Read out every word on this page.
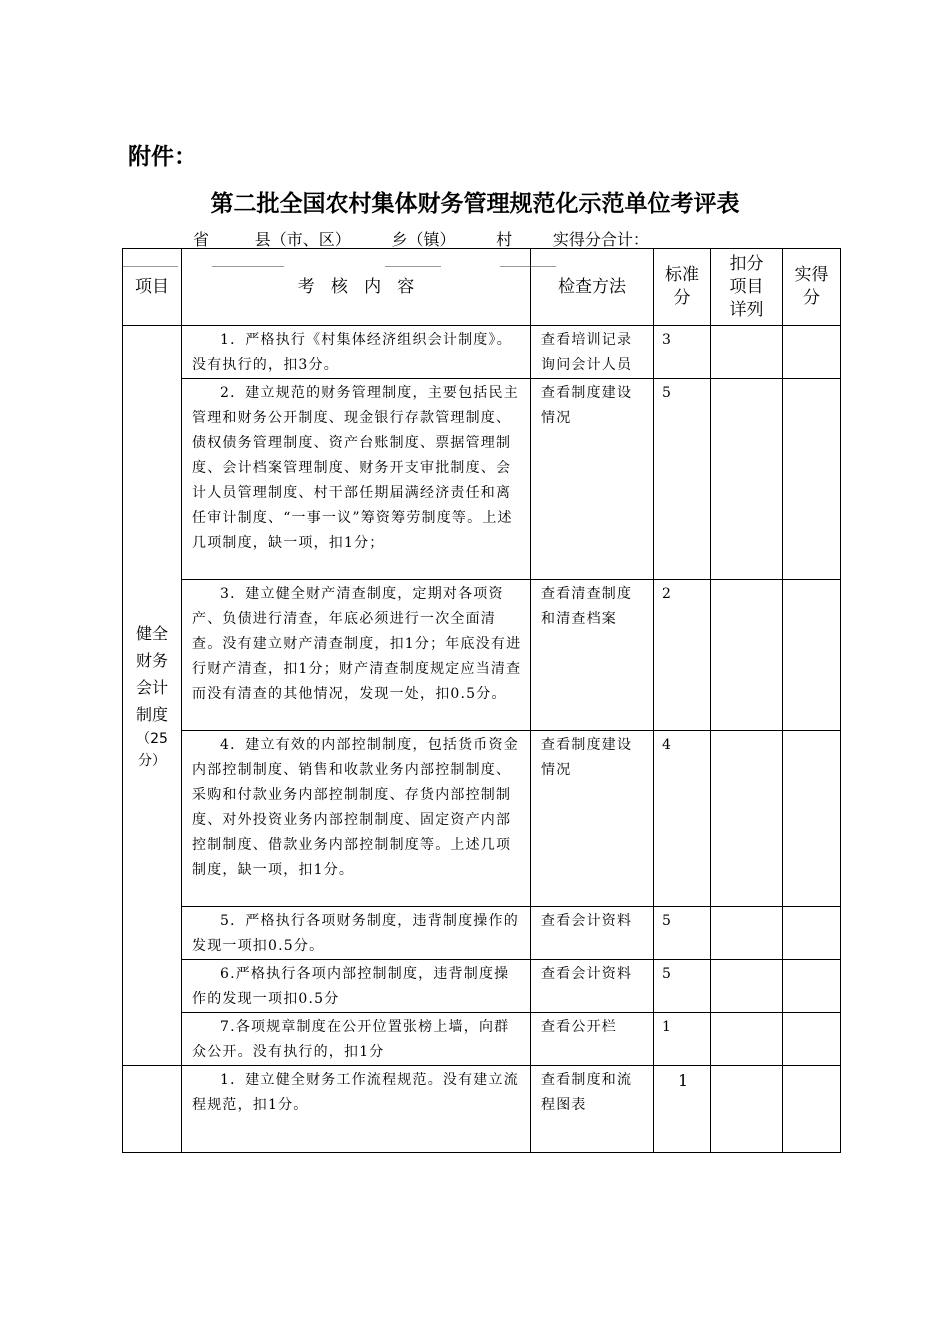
附件：
第二批全国农村集体财务管理规范化示范单位考评表
省         县（市、区）        乡（镇）        村        实得分合计：
项目	考   核   内   容	检查方法	标准分	扣分项目详列	实得分
健全财务会计制度
（25分）	1．严格执行《村集体经济组织会计制度》。没有执行的，扣3分。	查看培训记录询问会计人员	3		
	2．建立规范的财务管理制度，主要包括民主管理和财务公开制度、现金银行存款管理制度、债权债务管理制度、资产台账制度、票据管理制度、会计档案管理制度、财务开支审批制度、会计人员管理制度、村干部任期届满经济责任和离任审计制度、“一事一议”筹资筹劳制度等。上述几项制度，缺一项，扣1分；	查看制度建设情况	5		
	3．建立健全财产清查制度，定期对各项资产、负债进行清查，年底必须进行一次全面清查。没有建立财产清查制度，扣1分；年底没有进行财产清查，扣1分；财产清查制度规定应当清查而没有清查的其他情况，发现一处，扣0.5分。	查看清查制度和清查档案	2		
	4．建立有效的内部控制制度，包括货币资金内部控制制度、销售和收款业务内部控制制度、采购和付款业务内部控制制度、存货内部控制制度、对外投资业务内部控制制度、固定资产内部控制制度、借款业务内部控制制度等。上述几项制度，缺一项，扣1分。	查看制度建设情况	4		
	5．严格执行各项财务制度，违背制度操作的发现一项扣0.5分。	查看会计资料	5		
	6.严格执行各项内部控制制度，违背制度操作的发现一项扣0.5分	查看会计资料	5		
	7.各项规章制度在公开位置张榜上墙，向群众公开。没有执行的，扣1分	查看公开栏	1		
	1．建立健全财务工作流程规范。没有建立流程规范，扣1分。	查看制度和流程图表	1		
